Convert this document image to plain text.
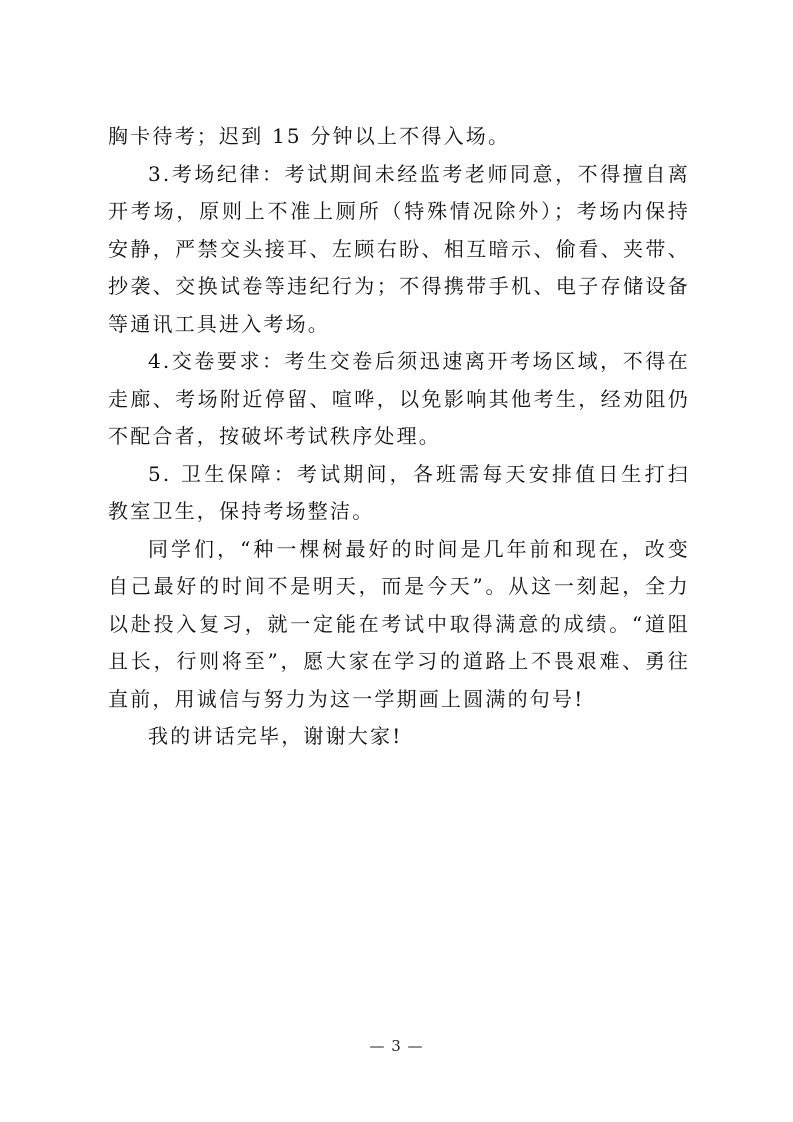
胸卡待考；迟到 15 分钟以上不得入场。

3.考场纪律：考试期间未经监考老师同意，不得擅自离开考场，原则上不准上厕所（特殊情况除外）；考场内保持安静，严禁交头接耳、左顾右盼、相互暗示、偷看、夹带、抄袭、交换试卷等违纪行为；不得携带手机、电子存储设备等通讯工具进入考场。

4.交卷要求：考生交卷后须迅速离开考场区域，不得在走廊、考场附近停留、喧哗，以免影响其他考生，经劝阻仍不配合者，按破坏考试秩序处理。

5. 卫生保障：考试期间，各班需每天安排值日生打扫教室卫生，保持考场整洁。

同学们，“种一棵树最好的时间是几年前和现在，改变自己最好的时间不是明天，而是今天”。从这一刻起，全力以赴投入复习，就一定能在考试中取得满意的成绩。“道阻且长，行则将至”，愿大家在学习的道路上不畏艰难、勇往直前，用诚信与努力为这一学期画上圆满的句号!

我的讲话完毕，谢谢大家!

— 3 —
